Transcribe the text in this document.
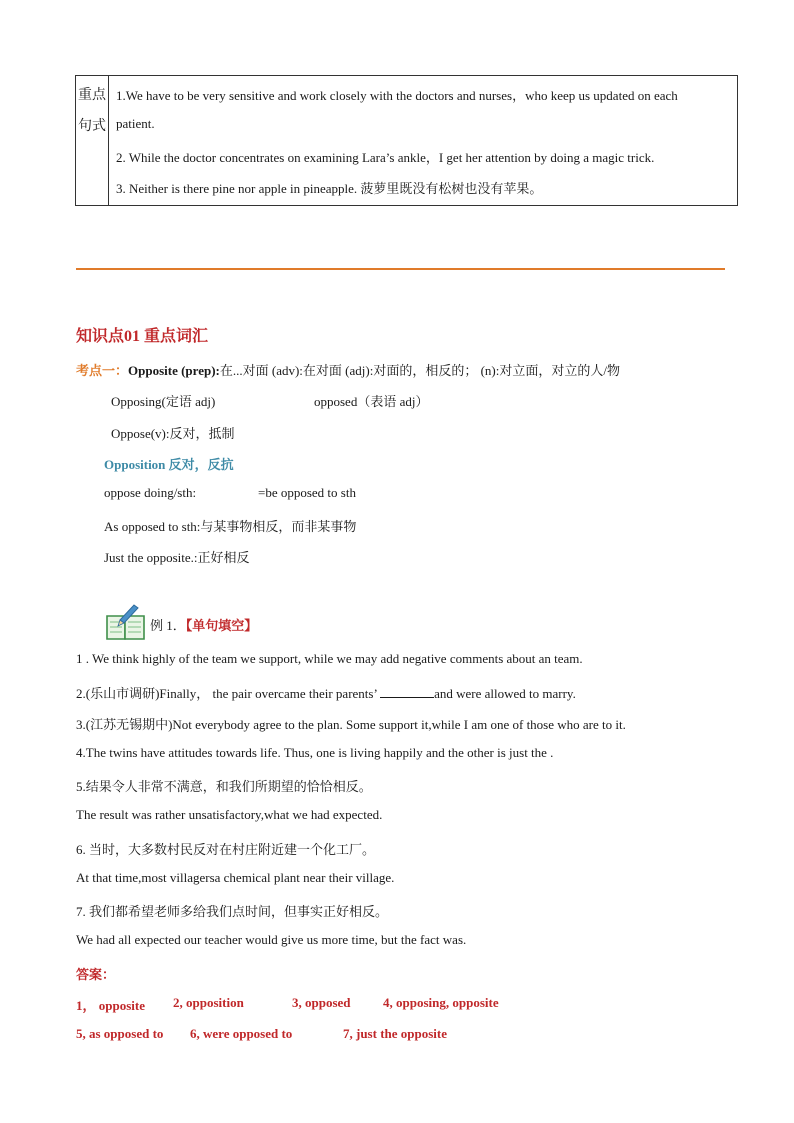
重点
句式
1.We have to be very sensitive and work closely with the doctors and nurses，who keep us updated on each
patient.
2. While the doctor concentrates on examining Lara’s ankle，I get her attention by doing a magic trick.
3. Neither is there pine nor apple in pineapple. 菠萝里既没有松树也没有苹果。
知识点01 重点词汇
考点一：Opposite (prep):在...对面 (adv):在对面 (adj):对面的，相反的； (n):对立面，对立的人/物
Opposing(定语 adj)	opposed（表语 adj）
Oppose(v):反对，抵制
Opposition 反对，反抗
oppose doing/sth:	=be opposed to sth
As opposed to sth:与某事物相反，而非某事物
Just the opposite.:正好相反
例 1．【单句填空】
1 . We think highly of the team we support, while we may add negative comments about an team.
2.(乐山市调研)Finally， the pair overcame their parents’	and were allowed to marry.
3.(江苏无锡期中)Not everybody agree to the plan. Some support it,while I am one of those who are to it.
4.The twins have attitudes towards life. Thus, one is living happily and the other is just the .
5.结果令人非常不满意，和我们所期望的恰恰相反。
The result was rather unsatisfactory,what we had expected.
6. 当时，大多数村民反对在村庄附近建一个化工厂。
At that time,most villagersa chemical plant near their village.
7. 我们都希望老师多给我们点时间，但事实正好相反。
We had all expected our teacher would give us more time, but the fact was.
答案：
1， opposite 2, opposition	3, opposed 4, opposing, opposite
5, as opposed to 6, were opposed to	7, just the opposite
